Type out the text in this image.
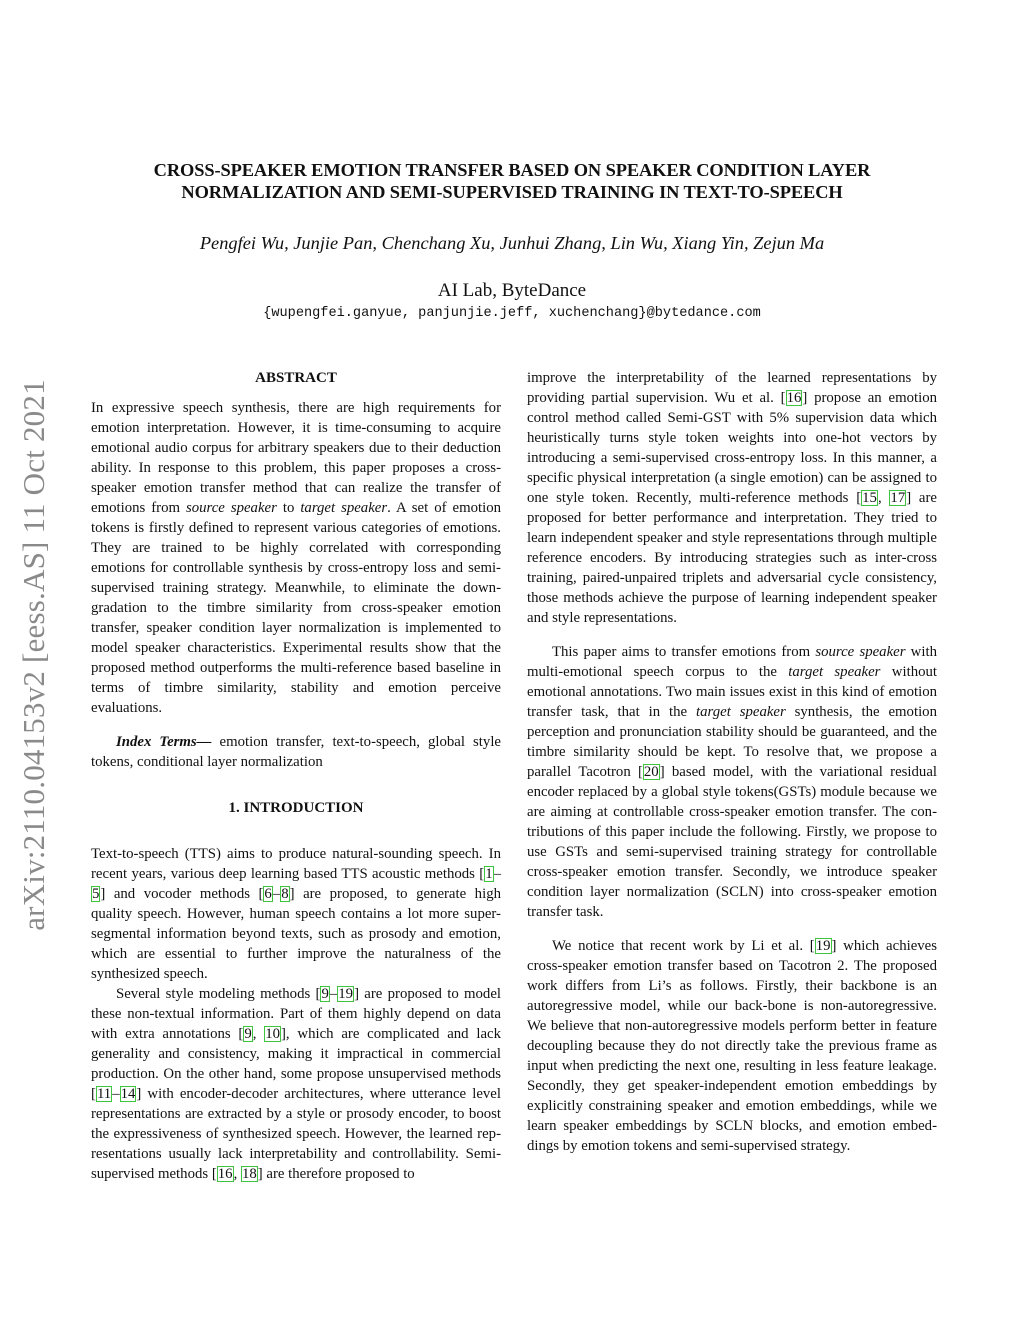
arXiv:2110.04153v2 [eess.AS] 11 Oct 2021
CROSS-SPEAKER EMOTION TRANSFER BASED ON SPEAKER CONDITION LAYER
NORMALIZATION AND SEMI-SUPERVISED TRAINING IN TEXT-TO-SPEECH
Pengfei Wu, Junjie Pan, Chenchang Xu, Junhui Zhang, Lin Wu, Xiang Yin, Zejun Ma
AI Lab, ByteDance
{wupengfei.ganyue, panjunjie.jeff, xuchenchang}@bytedance.com
ABSTRACT

In expressive speech synthesis, there are high requirements for emotion interpretation. However, it is time-consuming to acquire emotional audio corpus for arbitrary speakers due to their deduction ability. In response to this problem, this paper proposes a cross-speaker emotion transfer method that can realize the transfer of emotions from source speaker to target speaker. A set of emotion tokens is firstly defined to represent various categories of emotions. They are trained to be highly correlated with corresponding emotions for controllable synthesis by cross-entropy loss and semi-supervised training strategy. Meanwhile, to eliminate the down-gradation to the timbre similarity from cross-speaker emotion transfer, speaker condition layer normalization is implemented to model speaker characteristics. Experimental results show that the proposed method outperforms the multi-reference based baseline in terms of timbre similarity, stability and emotion perceive evaluations.

Index Terms— emotion transfer, text-to-speech, global style tokens, conditional layer normalization

1. INTRODUCTION

Text-to-speech (TTS) aims to produce natural-sounding speech. In recent years, various deep learning based TTS acoustic methods [1–5] and vocoder methods [6–8] are proposed, to generate high quality speech. However, human speech contains a lot more super-segmental information beyond texts, such as prosody and emotion, which are essential to further improve the naturalness of the synthesized speech.

Several style modeling methods [9–19] are proposed to model these non-textual information. Part of them highly depend on data with extra annotations [9, 10], which are complicated and lack generality and consistency, making it impractical in commercial production. On the other hand, some propose unsupervised methods [11–14] with encoder-decoder architectures, where utterance level representations are extracted by a style or prosody encoder, to boost the expressiveness of synthesized speech. However, the learned representations usually lack interpretability and controllability. Semi-supervised methods [16, 18] are therefore proposed to

improve the interpretability of the learned representations by providing partial supervision. Wu et al. [16] propose an emotion control method called Semi-GST with 5% supervision data which heuristically turns style token weights into one-hot vectors by introducing a semi-supervised cross-entropy loss. In this manner, a specific physical interpretation (a single emotion) can be assigned to one style token. Recently, multi-reference methods [15, 17] are proposed for better performance and interpretation. They tried to learn independent speaker and style representations through multiple reference encoders. By introducing strategies such as inter-cross training, paired-unpaired triplets and adversarial cycle consistency, those methods achieve the purpose of learning independent speaker and style representations.

This paper aims to transfer emotions from source speaker with multi-emotional speech corpus to the target speaker without emotional annotations. Two main issues exist in this kind of emotion transfer task, that in the target speaker synthesis, the emotion perception and pronunciation stability should be guaranteed, and the timbre similarity should be kept. To resolve that, we propose a parallel Tacotron [20] based model, with the variational residual encoder replaced by a global style tokens(GSTs) module because we are aiming at controllable cross-speaker emotion transfer. The contributions of this paper include the following. Firstly, we propose to use GSTs and semi-supervised training strategy for controllable cross-speaker emotion transfer. Secondly, we introduce speaker condition layer normalization (SCLN) into cross-speaker emotion transfer task.

We notice that recent work by Li et al. [19] which achieves cross-speaker emotion transfer based on Tacotron 2. The proposed work differs from Li’s as follows. Firstly, their backbone is an autoregressive model, while our back-bone is non-autoregressive. We believe that non-autoregressive models perform better in feature decoupling because they do not directly take the previous frame as input when predicting the next one, resulting in less feature leakage. Secondly, they get speaker-independent emotion embeddings by explicitly constraining speaker and emotion embeddings, while we learn speaker embeddings by SCLN blocks, and emotion embeddings by emotion tokens and semi-supervised strategy.
